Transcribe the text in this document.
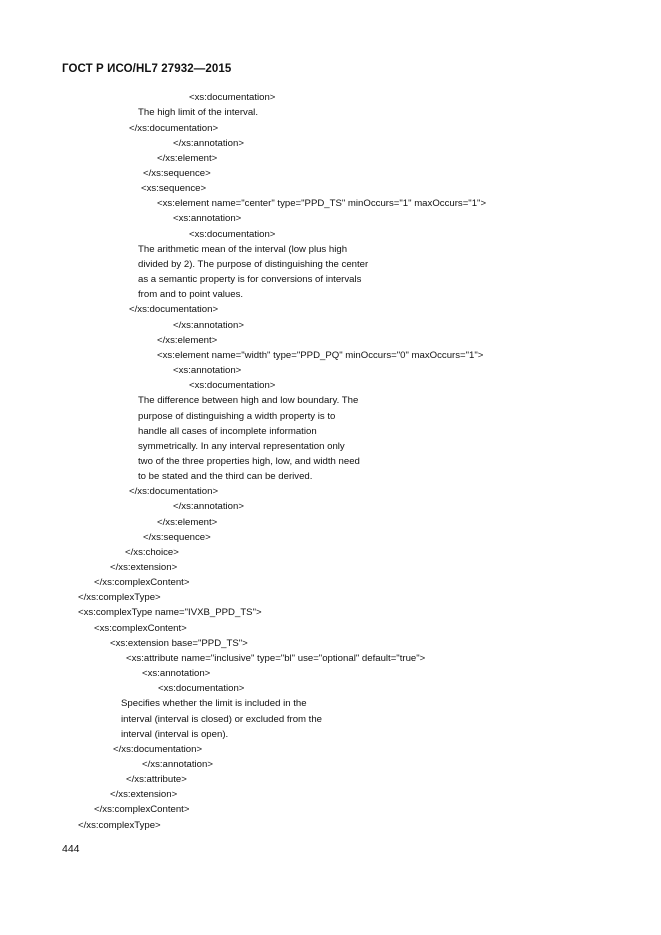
ГОСТ Р ИСО/HL7 27932—2015
<xs:documentation>
The high limit of the interval.
</xs:documentation>
</xs:annotation>
</xs:element>
</xs:sequence>
<xs:sequence>
<xs:element name="center" type="PPD_TS" minOccurs="1" maxOccurs="1">
<xs:annotation>
<xs:documentation>
The arithmetic mean of the interval (low plus high
divided by 2). The purpose of distinguishing the center
as a semantic property is for conversions of intervals
from and to point values.
</xs:documentation>
</xs:annotation>
</xs:element>
<xs:element name="width" type="PPD_PQ" minOccurs="0" maxOccurs="1">
<xs:annotation>
<xs:documentation>
The difference between high and low boundary. The
purpose of distinguishing a width property is to
handle all cases of incomplete information
symmetrically. In any interval representation only
two of the three properties high, low, and width need
to be stated and the third can be derived.
</xs:documentation>
</xs:annotation>
</xs:element>
</xs:sequence>
</xs:choice>
</xs:extension>
</xs:complexContent>
</xs:complexType>
<xs:complexType name="IVXB_PPD_TS">
<xs:complexContent>
<xs:extension base="PPD_TS">
<xs:attribute name="inclusive" type="bl" use="optional" default="true">
<xs:annotation>
<xs:documentation>
Specifies whether the limit is included in the
interval (interval is closed) or excluded from the
interval (interval is open).
</xs:documentation>
</xs:annotation>
</xs:attribute>
</xs:extension>
</xs:complexContent>
</xs:complexType>
444
